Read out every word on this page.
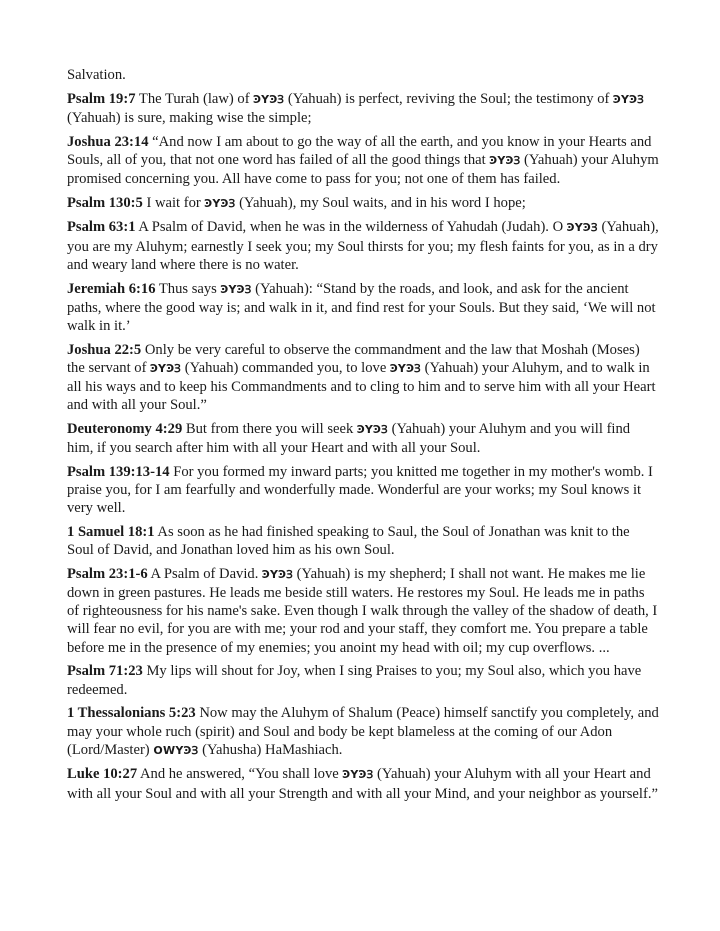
Salvation.

Psalm 19:7 The Turah (law) of ꜾYꜾꞫ (Yahuah) is perfect, reviving the Soul; the testimony of ꜾYꜾꞫ (Yahuah) is sure, making wise the simple;

Joshua 23:14 “And now I am about to go the way of all the earth, and you know in your Hearts and Souls, all of you, that not one word has failed of all the good things that ꜾYꜾꞫ (Yahuah) your Aluhym promised concerning you. All have come to pass for you; not one of them has failed.

Psalm 130:5 I wait for ꜾYꜾꞫ (Yahuah), my Soul waits, and in his word I hope;

Psalm 63:1 A Psalm of David, when he was in the wilderness of Yahudah (Judah). O ꜾYꜾꞫ (Yahuah), you are my Aluhym; earnestly I seek you; my Soul thirsts for you; my flesh faints for you, as in a dry and weary land where there is no water.

Jeremiah 6:16 Thus says ꜾYꜾꞫ (Yahuah): “Stand by the roads, and look, and ask for the ancient paths, where the good way is; and walk in it, and find rest for your Souls. But they said, ‘We will not walk in it.’

Joshua 22:5 Only be very careful to observe the commandment and the law that Moshah (Moses) the servant of ꜾYꜾꞫ (Yahuah) commanded you, to love ꜾYꜾꞫ (Yahuah) your Aluhym, and to walk in all his ways and to keep his Commandments and to cling to him and to serve him with all your Heart and with all your Soul.”

Deuteronomy 4:29 But from there you will seek ꜾYꜾꞫ (Yahuah) your Aluhym and you will find him, if you search after him with all your Heart and with all your Soul.

Psalm 139:13-14 For you formed my inward parts; you knitted me together in my mother's womb. I praise you, for I am fearfully and wonderfully made. Wonderful are your works; my Soul knows it very well.

1 Samuel 18:1 As soon as he had finished speaking to Saul, the Soul of Jonathan was knit to the Soul of David, and Jonathan loved him as his own Soul.

Psalm 23:1-6 A Psalm of David. ꜾYꜾꞫ (Yahuah) is my shepherd; I shall not want. He makes me lie down in green pastures. He leads me beside still waters. He restores my Soul. He leads me in paths of righteousness for his name's sake. Even though I walk through the valley of the shadow of death, I will fear no evil, for you are with me; your rod and your staff, they comfort me. You prepare a table before me in the presence of my enemies; you anoint my head with oil; my cup overflows. ...

Psalm 71:23 My lips will shout for Joy, when I sing Praises to you; my Soul also, which you have redeemed.

1 Thessalonians 5:23 Now may the Aluhym of Shalum (Peace) himself sanctify you completely, and may your whole ruch (spirit) and Soul and body be kept blameless at the coming of our Adon (Lord/Master) OWYꜾꞫ (Yahusha) HaMashiach.

Luke 10:27 And he answered, “You shall love ꜾYꜾꞫ (Yahuah) your Aluhym with all your Heart and with all your Soul and with all your Strength and with all your Mind, and your neighbor as yourself.”
